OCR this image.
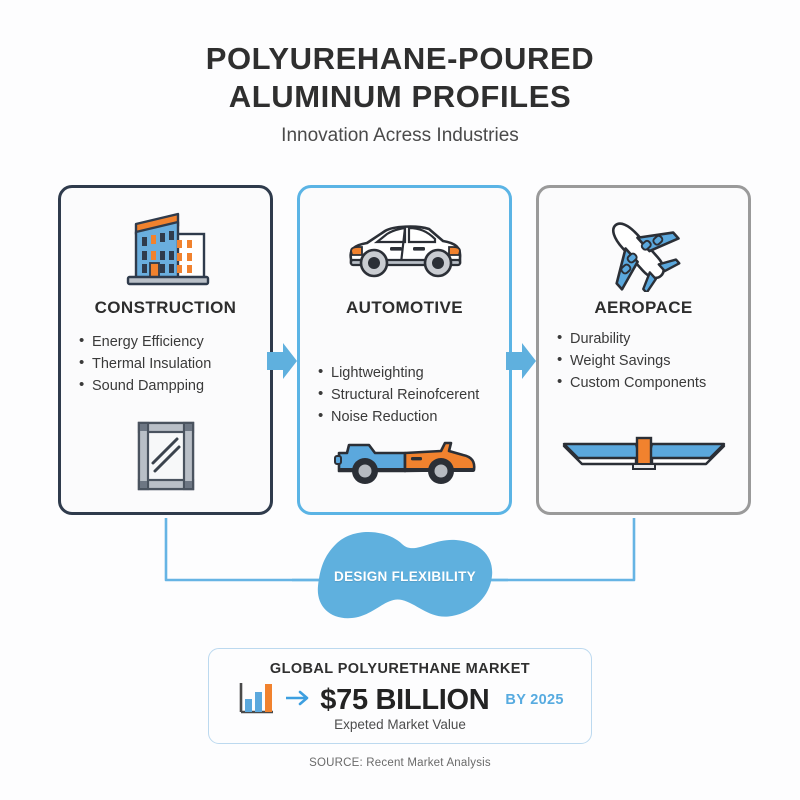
POLYUREHANE-POURED
ALUMINUM PROFILES
Innovation Acress Industries
CONSTRUCTION
• Energy Efficiency
• Thermal Insulation
• Sound Dampping
AUTOMOTIVE
• Lightweighting
• Structural Reinofcerent
• Noise Reduction
AEROPACE
• Durability
• Weight Savings
• Custom Components
DESIGN FLEXIBILITY
GLOBAL POLYURETHANE MARKET
$75 BILLION BY 2025
Expeted Market Value
SOURCE: Recent Market Analysis
